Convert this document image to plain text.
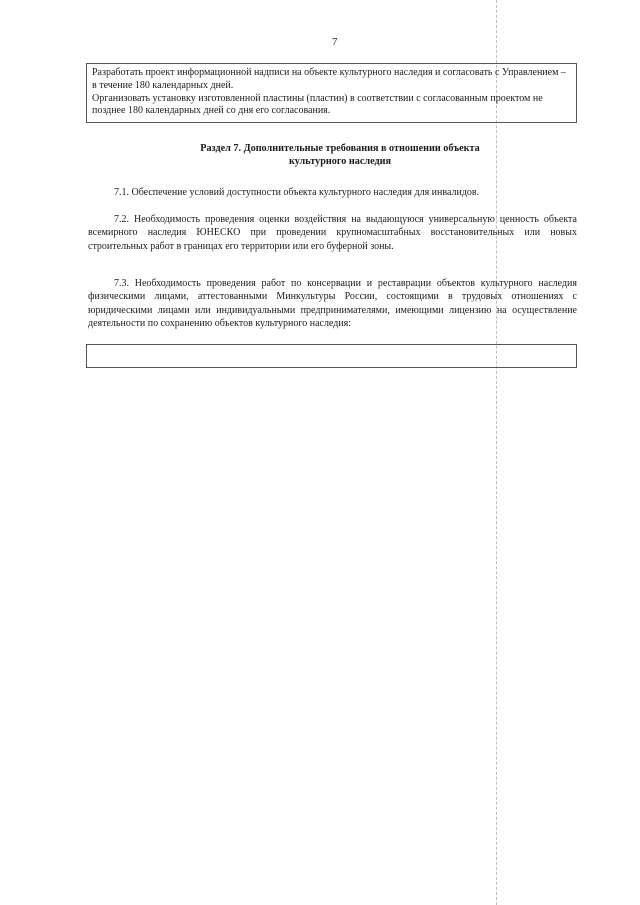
7

Разработать проект информационной надписи на объекте культурного наследия и согласовать с Управлением – в течение 180 календарных дней.

Организовать установку изготовленной пластины (пластин) в соответствии с согласованным проектом не позднее 180 календарных дней со дня его согласования.

Раздел 7. Дополнительные требования в отношении объекта
культурного наследия

7.1. Обеспечение условий доступности объекта культурного наследия для инвалидов.

7.2. Необходимость проведения оценки воздействия на выдающуюся универсальную ценность объекта всемирного наследия ЮНЕСКО при проведении крупномасштабных восстановительных или новых строительных работ в границах его территории или его буферной зоны.

7.3. Необходимость проведения работ по консервации и реставрации объектов культурного наследия физическими лицами, аттестованными Минкультуры России, состоящими в трудовых отношениях с юридическими лицами или индивидуальными предпринимателями, имеющими лицензию на осуществление деятельности по сохранению объектов культурного наследия:
